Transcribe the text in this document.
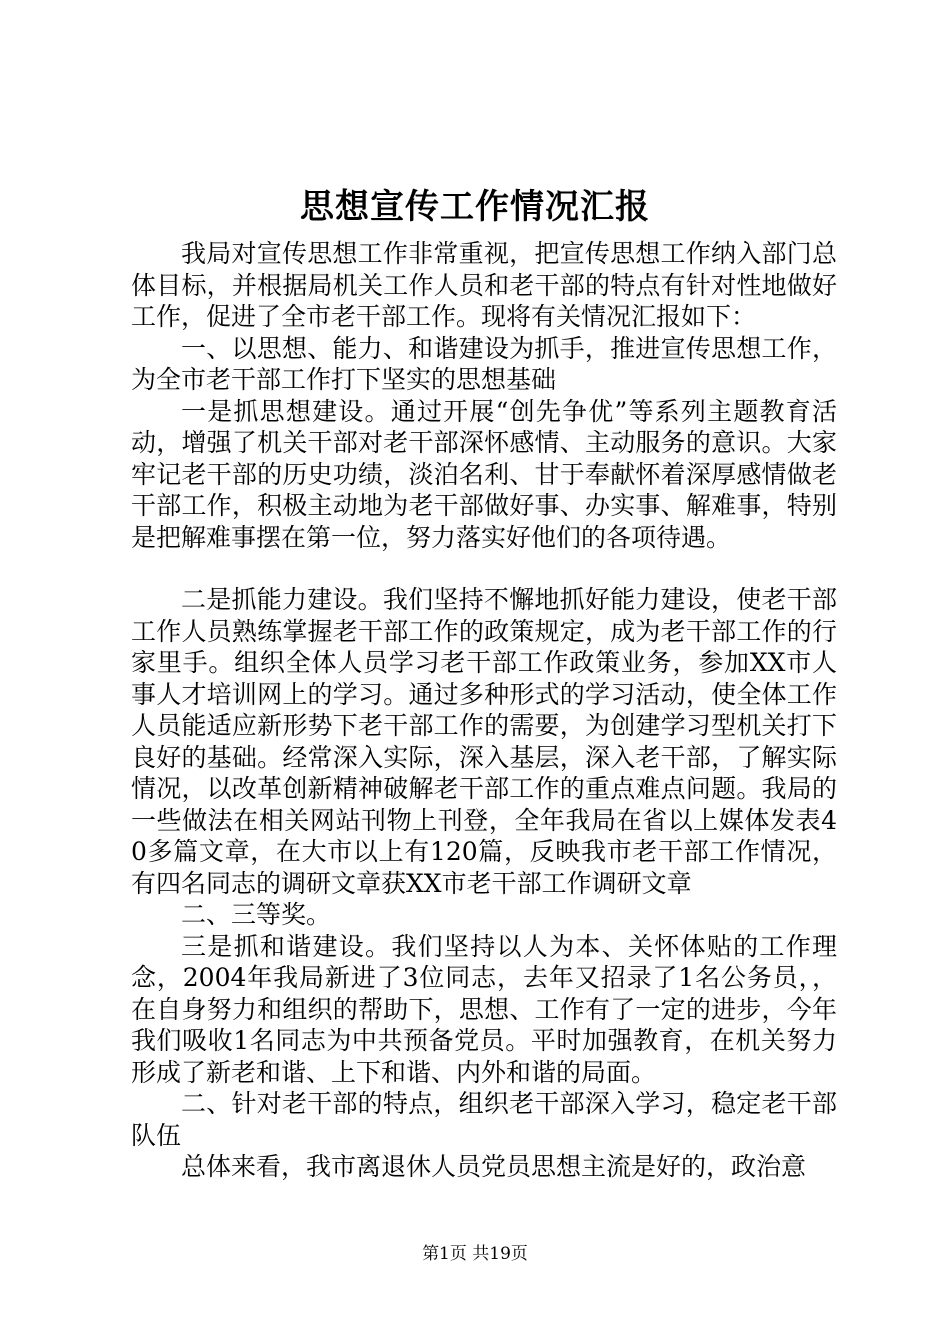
思想宣传工作情况汇报

我局对宣传思想工作非常重视，把宣传思想工作纳入部门总体目标，并根据局机关工作人员和老干部的特点有针对性地做好工作，促进了全市老干部工作。现将有关情况汇报如下：

一、以思想、能力、和谐建设为抓手，推进宣传思想工作，为全市老干部工作打下坚实的思想基础

一是抓思想建设。通过开展“创先争优”等系列主题教育活动，增强了机关干部对老干部深怀感情、主动服务的意识。大家牢记老干部的历史功绩，淡泊名利、甘于奉献怀着深厚感情做老干部工作，积极主动地为老干部做好事、办实事、解难事，特别是把解难事摆在第一位，努力落实好他们的各项待遇。

二是抓能力建设。我们坚持不懈地抓好能力建设，使老干部工作人员熟练掌握老干部工作的政策规定，成为老干部工作的行家里手。组织全体人员学习老干部工作政策业务，参加XX市人事人才培训网上的学习。通过多种形式的学习活动，使全体工作人员能适应新形势下老干部工作的需要，为创建学习型机关打下良好的基础。经常深入实际，深入基层，深入老干部，了解实际情况，以改革创新精神破解老干部工作的重点难点问题。我局的一些做法在相关网站刊物上刊登，全年我局在省以上媒体发表40多篇文章，在大市以上有120篇，反映我市老干部工作情况，有四名同志的调研文章获XX市老干部工作调研文章

二、三等奖。

三是抓和谐建设。我们坚持以人为本、关怀体贴的工作理念，2004年我局新进了3位同志，去年又招录了1名公务员，，在自身努力和组织的帮助下，思想、工作有了一定的进步，今年我们吸收1名同志为中共预备党员。平时加强教育，在机关努力形成了新老和谐、上下和谐、内外和谐的局面。

二、针对老干部的特点，组织老干部深入学习，稳定老干部队伍

总体来看，我市离退休人员党员思想主流是好的，政治意

第1页 共19页
